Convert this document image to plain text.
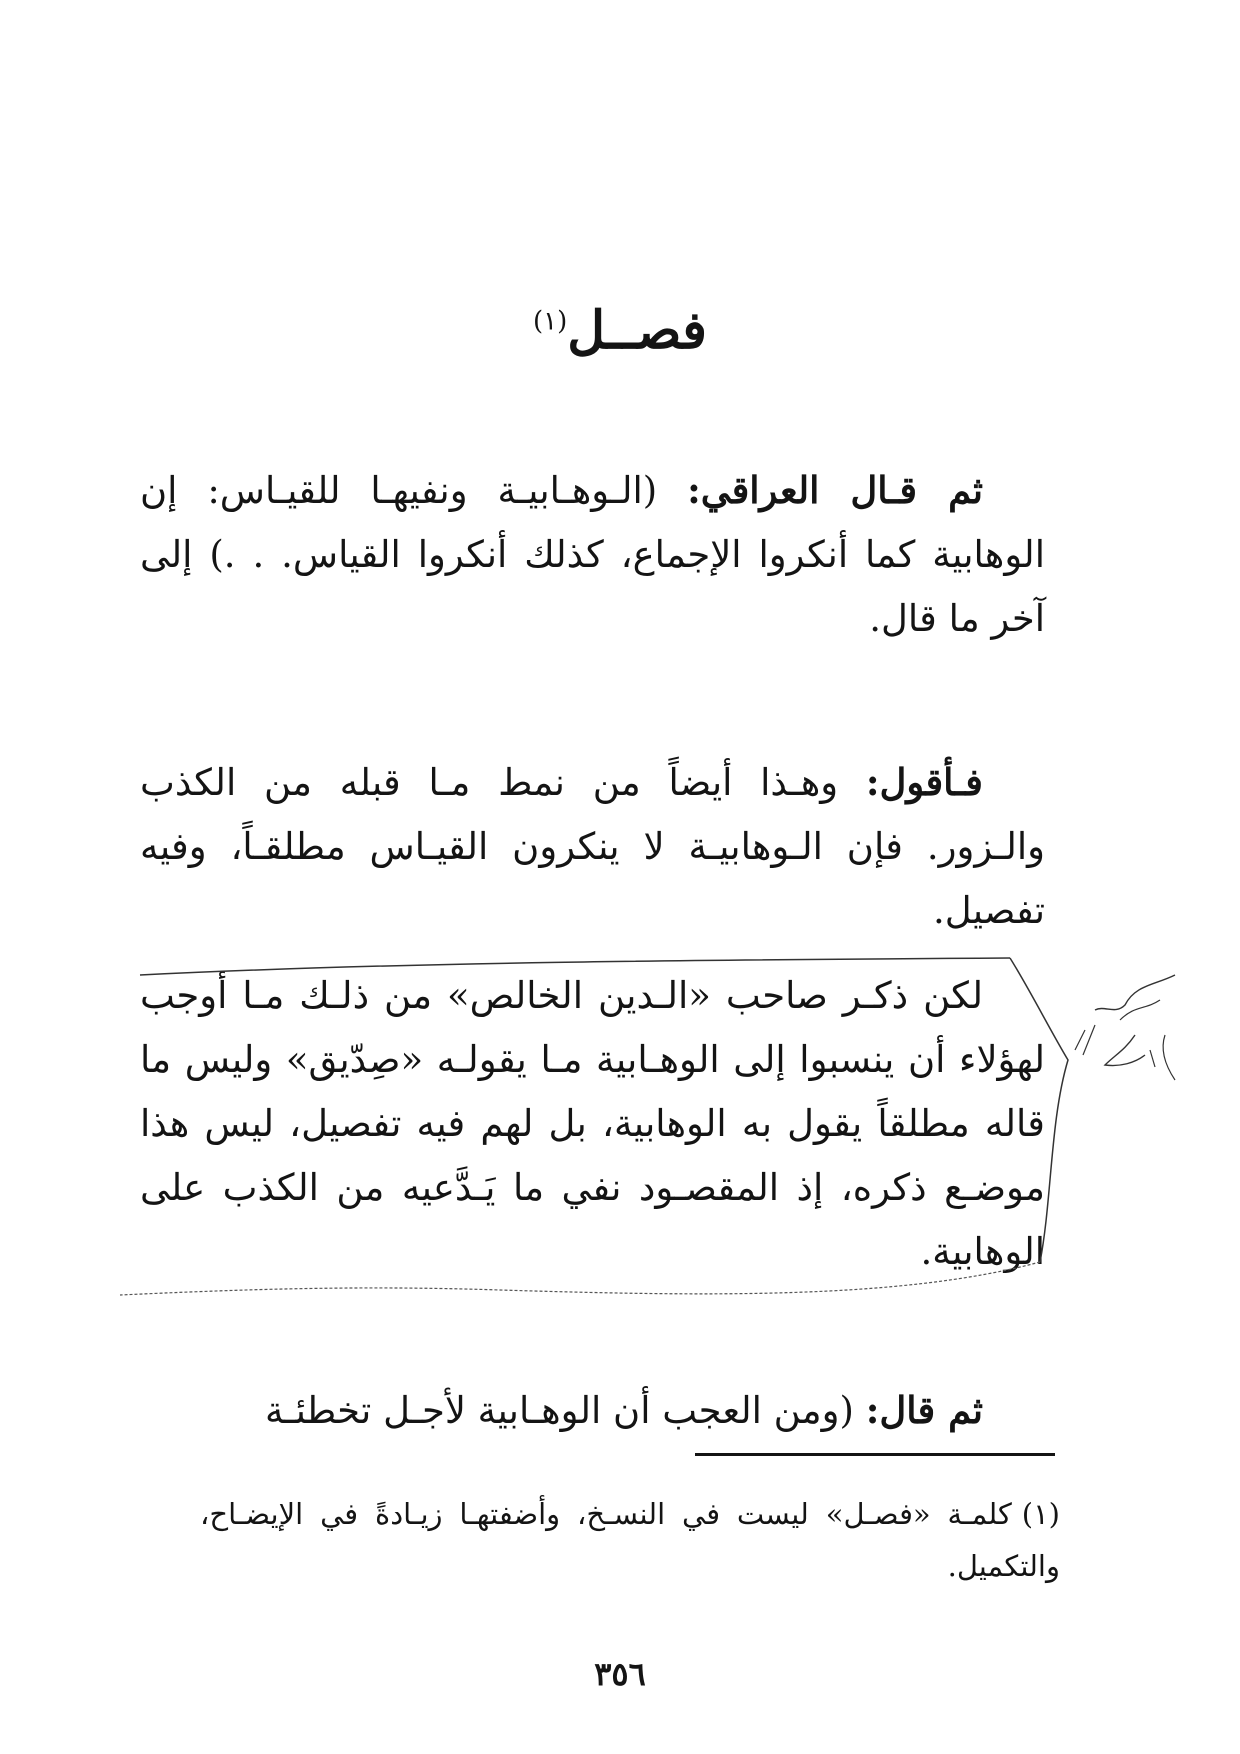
فصــل$^{(١)}$

ثم قـال العراقي: (الـوهـابيـة ونفيهـا للقيـاس: إن الوهابية كما أنكروا الإجماع، كذلك أنكروا القياس. . .) إلى آخر ما قال.

فـأقول: وهـذا أيضاً من نمط مـا قبله من الكذب والـزور. فإن الـوهابيـة لا ينكرون القيـاس مطلقـاً، وفيه تفصيل.

لكن ذكـر صاحب «الـدين الخالص» من ذلـك مـا أوجب لهؤلاء أن ينسبوا إلى الوهـابية مـا يقولـه «صِدّيق» وليس ما قاله مطلقاً يقول به الوهابية، بل لهم فيه تفصيل، ليس هذا موضـع ذكره، إذ المقصـود نفي ما يَـدَّعيه من الكذب على الوهابية.

ثم قال: (ومن العجب أن الوهـابية لأجـل تخطئـة

(١)كلمـة «فصـل» ليست في النسـخ، وأضفتهـا زيـادةً في الإيضـاح، والتكميل.
٣٥٦
